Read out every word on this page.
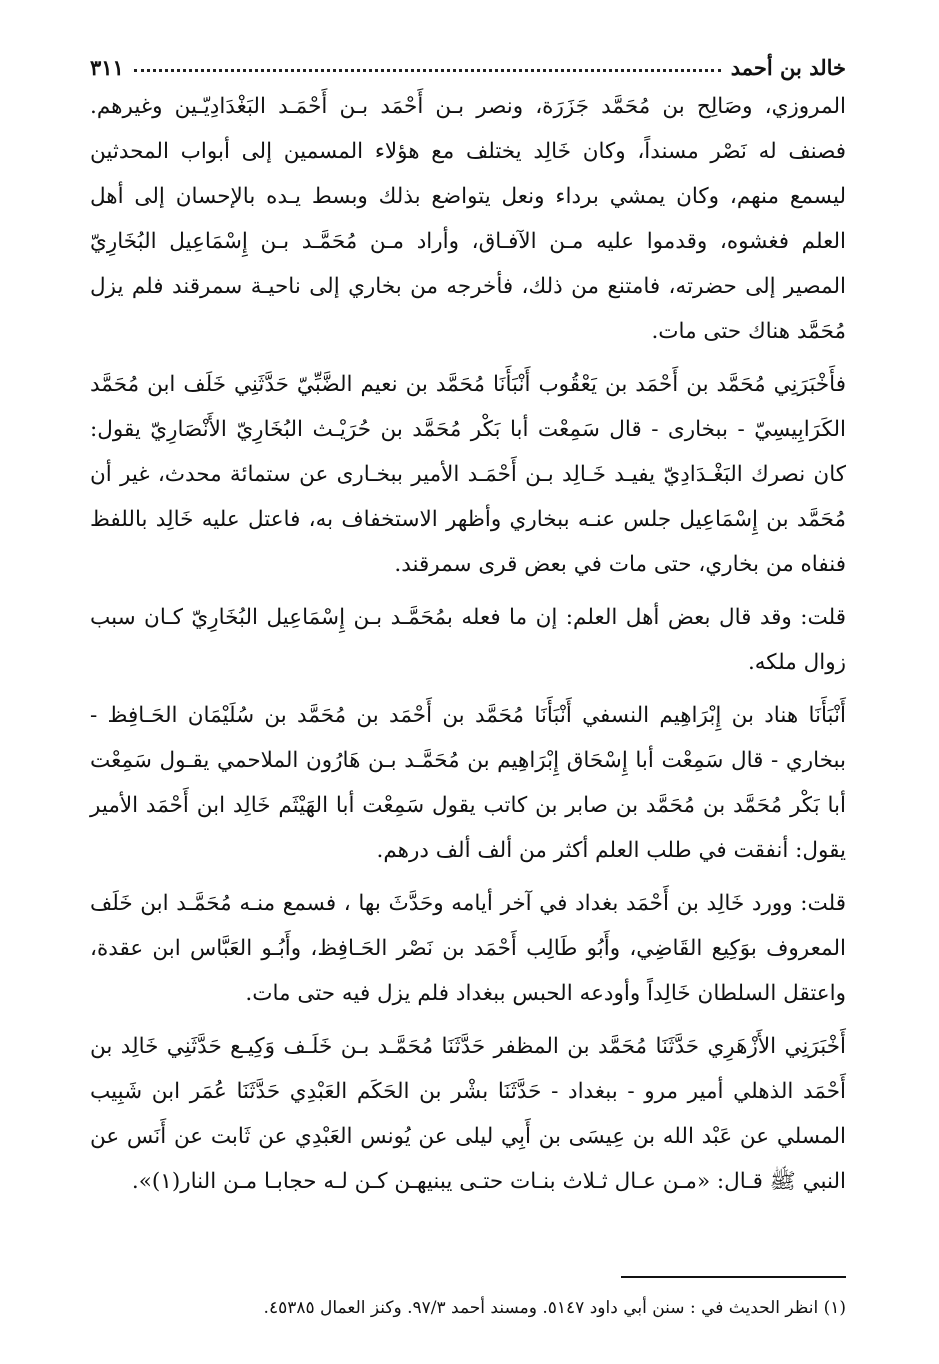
خالد بن أحمد
٣١١

المروزي، وصَالِح بن مُحَمَّد جَزَرَة، ونصر بـن أَحْمَد بـن أَحْمَـد البَغْدَادِيّـين وغيرهم. فصنف له نَصْر مسنداً، وكان خَالِد يختلف مع هؤلاء المسمين إلى أبواب المحدثين ليسمع منهم، وكان يمشي برداء ونعل يتواضع بذلك وبسط يـده بالإحسان إلى أهل العلم فغشوه، وقدموا عليه مـن الآفـاق، وأراد مـن مُحَمَّـد بـن إِسْمَاعِيل البُخَارِيّ المصير إلى حضرته، فامتنع من ذلك، فأخرجه من بخاري إلى ناحيـة سمرقند فلم يزل مُحَمَّد هناك حتى مات.

فأَخْبَرَنِي مُحَمَّد بن أَحْمَد بن يَعْقُوب أَنْبَأَنَا مُحَمَّد بن نعيم الضَّبِّيّ حَدَّثَنِي خَلَف ابن مُحَمَّد الكَرَابِيسِيّ - ببخارى - قال سَمِعْت أبا بَكْر مُحَمَّد بن حُرَيْـث البُخَارِيّ الأَنْصَارِيّ يقول: كان نصرك البَغْـدَادِيّ يفيـد خَـالِد بـن أَحْمَـد الأمير ببخـارى عن ستمائة محدث، غير أن مُحَمَّد بن إِسْمَاعِيل جلس عنـه ببخاري وأظهر الاستخفاف به، فاعتل عليه خَالِد باللفظ فنفاه من بخاري، حتى مات في بعض قرى سمرقند.

قلت: وقد قال بعض أهل العلم: إن ما فعله بمُحَمَّـد بـن إِسْمَاعِيل البُخَارِيّ كـان سبب زوال ملكه.

أَنْبَأَنَا هناد بن إِبْرَاهِيم النسفي أَنْبَأَنَا مُحَمَّد بن أَحْمَد بن مُحَمَّد بن سُلَيْمَان الحَـافِظ - ببخاري - قال سَمِعْت أبا إِسْحَاق إِبْرَاهِيم بن مُحَمَّـد بـن هَارُون الملاحمي يقـول سَمِعْت أبا بَكْر مُحَمَّد بن مُحَمَّد بن صابر بن كاتب يقول سَمِعْت أبا الهَيْثَم خَالِد ابن أَحْمَد الأمير يقول: أنفقت في طلب العلم أكثر من ألف ألف درهم.

قلت: وورد خَالِد بن أَحْمَد بغداد في آخر أيامه وحَدَّثَ بها ، فسمع منـه مُحَمَّـد ابن خَلَف المعروف بوَكِيع القَاضِي، وأَبُو طَالِب أَحْمَد بن نَصْر الحَـافِظ، وأَبُـو العَبَّاس ابن عقدة، واعتقل السلطان خَالِداً وأودعه الحبس ببغداد فلم يزل فيه حتى مات.

أَخْبَرَنِي الأَزْهَرِي حَدَّثَنَا مُحَمَّد بن المظفر حَدَّثَنَا مُحَمَّـد بـن خَلَـف وَكِيـع حَدَّثَنِي خَالِد بن أَحْمَد الذهلي أمير مرو - ببغداد - حَدَّثَنَا بشْر بن الحَكَم العَبْدِي حَدَّثَنَا عُمَر ابن شَبِيب المسلي عن عَبْد الله بن عِيسَى بن أَبِي ليلى عن يُونس العَبْدِي عن ثَابت عن أَنَس عن النبي ﷺ قـال: «مـن عـال ثـلاث بنـات حتـى يبنيهـن كـن لـه حجابـا مـن النار(١)».

(١) انظر الحديث في : سنن أبي داود ٥١٤٧. ومسند أحمد ٩٧/٣. وكنز العمال ٤٥٣٨٥.
